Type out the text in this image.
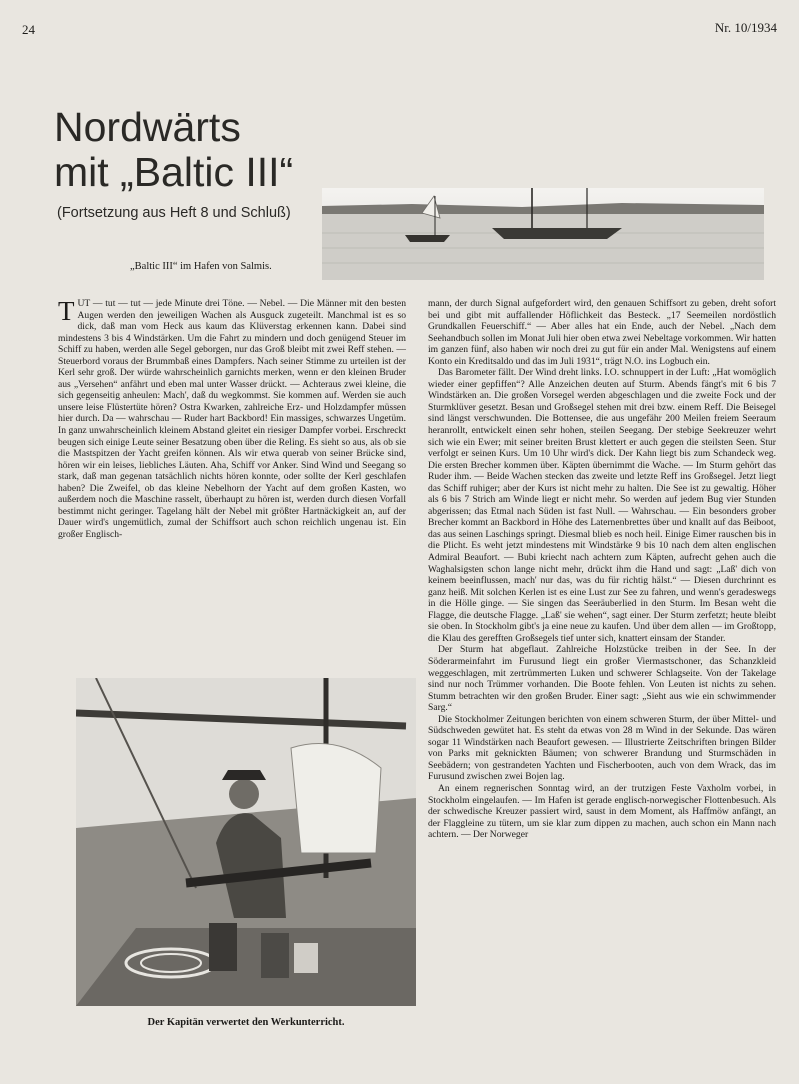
24	Nr. 10/1934
Nordwärts
mit „Baltic III“
(Fortsetzung aus Heft 8 und Schluß)
„Baltic III“ im Hafen von Salmis.

TUT — tut — tut — jede Minute drei Töne. — Nebel. — Die Männer mit den besten Augen werden den jeweiligen Wachen als Ausguck zugeteilt. Manchmal ist es so dick, daß man vom Heck aus kaum das Klüverstag erkennen kann. Dabei sind mindestens 3 bis 4 Windstärken. Um die Fahrt zu mindern und doch genügend Steuer im Schiff zu haben, werden alle Segel geborgen, nur das Groß bleibt mit zwei Reff stehen. — Steuerbord voraus der Brummbaß eines Dampfers. Nach seiner Stimme zu urteilen ist der Kerl sehr groß. Der würde wahrscheinlich garnichts merken, wenn er den kleinen Bruder aus „Versehen“ anfährt und eben mal unter Wasser drückt. — Achteraus zwei kleine, die sich gegenseitig anheulen: Mach', daß du wegkommst. Sie kommen auf. Werden sie auch unsere leise Flüstertüte hören? Ostra Kwarken, zahlreiche Erz- und Holzdampfer müssen hier durch. Da — wahrschau — Ruder hart Backbord! Ein massiges, schwarzes Ungetüm. In ganz unwahrscheinlich kleinem Abstand gleitet ein riesiger Dampfer vorbei. Erschreckt beugen sich einige Leute seiner Besatzung oben über die Reling. Es sieht so aus, als ob sie die Mastspitzen der Yacht greifen können. Als wir etwa querab von seiner Brücke sind, hören wir ein leises, liebliches Läuten. Aha, Schiff vor Anker. Sind Wind und Seegang so stark, daß man gegenan tatsächlich nichts hören konnte, oder sollte der Kerl geschlafen haben? Die Zweifel, ob das kleine Nebelhorn der Yacht auf dem großen Kasten, wo außerdem noch die Maschine rasselt, überhaupt zu hören ist, werden durch diesen Vorfall bestimmt nicht geringer. Tagelang hält der Nebel mit größter Hartnäckigkeit an, auf der Dauer wird's ungemütlich, zumal der Schiffsort auch schon reichlich ungenau ist. Ein großer Englisch-

mann, der durch Signal aufgefordert wird, den genauen Schiffsort zu geben, dreht sofort bei und gibt mit auffallender Höflichkeit das Besteck. „17 Seemeilen nordöstlich Grundkallen Feuerschiff.“ — Aber alles hat ein Ende, auch der Nebel. „Nach dem Seehandbuch sollen im Monat Juli hier oben etwa zwei Nebeltage vorkommen. Wir hatten im ganzen fünf, also haben wir noch drei zu gut für ein ander Mal. Wenigstens auf einem Konto ein Kreditsaldo und das im Juli 1931“, trägt N.O. ins Logbuch ein.

Das Barometer fällt. Der Wind dreht links. I.O. schnuppert in der Luft: „Hat womöglich wieder einer gepfiffen“? Alle Anzeichen deuten auf Sturm. Abends fängt's mit 6 bis 7 Windstärken an. Die großen Vorsegel werden abgeschlagen und die zweite Fock und der Sturmklüver gesetzt. Besan und Großsegel stehen mit drei bzw. einem Reff. Die Beisegel sind längst verschwunden. Die Bottensee, die aus ungefähr 200 Meilen freiem Seeraum heranrollt, entwickelt einen sehr hohen, steilen Seegang. Der stebige Seekreuzer wehrt sich wie ein Ewer; mit seiner breiten Brust klettert er auch gegen die steilsten Seen. Stur verfolgt er seinen Kurs. Um 10 Uhr wird's dick. Der Kahn liegt bis zum Schandeck weg. Die ersten Brecher kommen über. Käpten übernimmt die Wache. — Im Sturm gehört das Ruder ihm. — Beide Wachen stecken das zweite und letzte Reff ins Großsegel. Jetzt liegt das Schiff ruhiger; aber der Kurs ist nicht mehr zu halten. Die See ist zu gewaltig. Höher als 6 bis 7 Strich am Winde liegt er nicht mehr. So werden auf jedem Bug vier Stunden abgerissen; das Etmal nach Süden ist fast Null. — Wahrschau. — Ein besonders grober Brecher kommt an Backbord in Höhe des Laternenbrettes über und knallt auf das Beiboot, das aus seinen Laschings springt. Diesmal blieb es noch heil. Einige Eimer rauschen bis in die Plicht. Es weht jetzt mindestens mit Windstärke 9 bis 10 nach dem alten englischen Admiral Beaufort. — Bubi kriecht nach achtern zum Käpten, aufrecht gehen auch die Waghalsigsten schon lange nicht mehr, drückt ihm die Hand und sagt: „Laß' dich von keinem beeinflussen, mach' nur das, was du für richtig hälst.“ — Diesen durchrinnt es ganz heiß. Mit solchen Kerlen ist es eine Lust zur See zu fahren, und wenn's geradeswegs in die Hölle ginge. — Sie singen das Seeräuberlied in den Sturm. Im Besan weht die Flagge, die deutsche Flagge. „Laß' sie wehen“, sagt einer. Der Sturm zerfetzt; heute bleibt sie oben. In Stockholm gibt's ja eine neue zu kaufen. Und über dem allen — im Großtopp, die Klau des gerefften Großsegels tief unter sich, knattert einsam der Stander.

Der Sturm hat abgeflaut. Zahlreiche Holzstücke treiben in der See. In der Söderarmeinfahrt im Furusund liegt ein großer Viermastschoner, das Schanzkleid weggeschlagen, mit zertrümmerten Luken und schwerer Schlagseite. Von der Takelage sind nur noch Trümmer vorhanden. Die Boote fehlen. Von Leuten ist nichts zu sehen. Stumm betrachten wir den großen Bruder. Einer sagt: „Sieht aus wie ein schwimmender Sarg.“

Die Stockholmer Zeitungen berichten von einem schweren Sturm, der über Mittel- und Südschweden gewütet hat. Es steht da etwas von 28 m Wind in der Sekunde. Das wären sogar 11 Windstärken nach Beaufort gewesen. — Illustrierte Zeitschriften bringen Bilder von Parks mit geknickten Bäumen; von schwerer Brandung und Sturmschäden in Seebädern; von gestrandeten Yachten und Fischerbooten, auch von dem Wrack, das im Furusund zwischen zwei Bojen lag.

An einem regnerischen Sonntag wird, an der trutzigen Feste Vaxholm vorbei, in Stockholm eingelaufen. — Im Hafen ist gerade englisch-norwegischer Flottenbesuch. Als der schwedische Kreuzer passiert wird, saust in dem Moment, als Haffmöw anfängt, an der Flaggleine zu tütern, um sie klar zum dippen zu machen, auch schon ein Mann nach achtern. — Der Norweger

Der Kapitän verwertet den Werkunterricht.
